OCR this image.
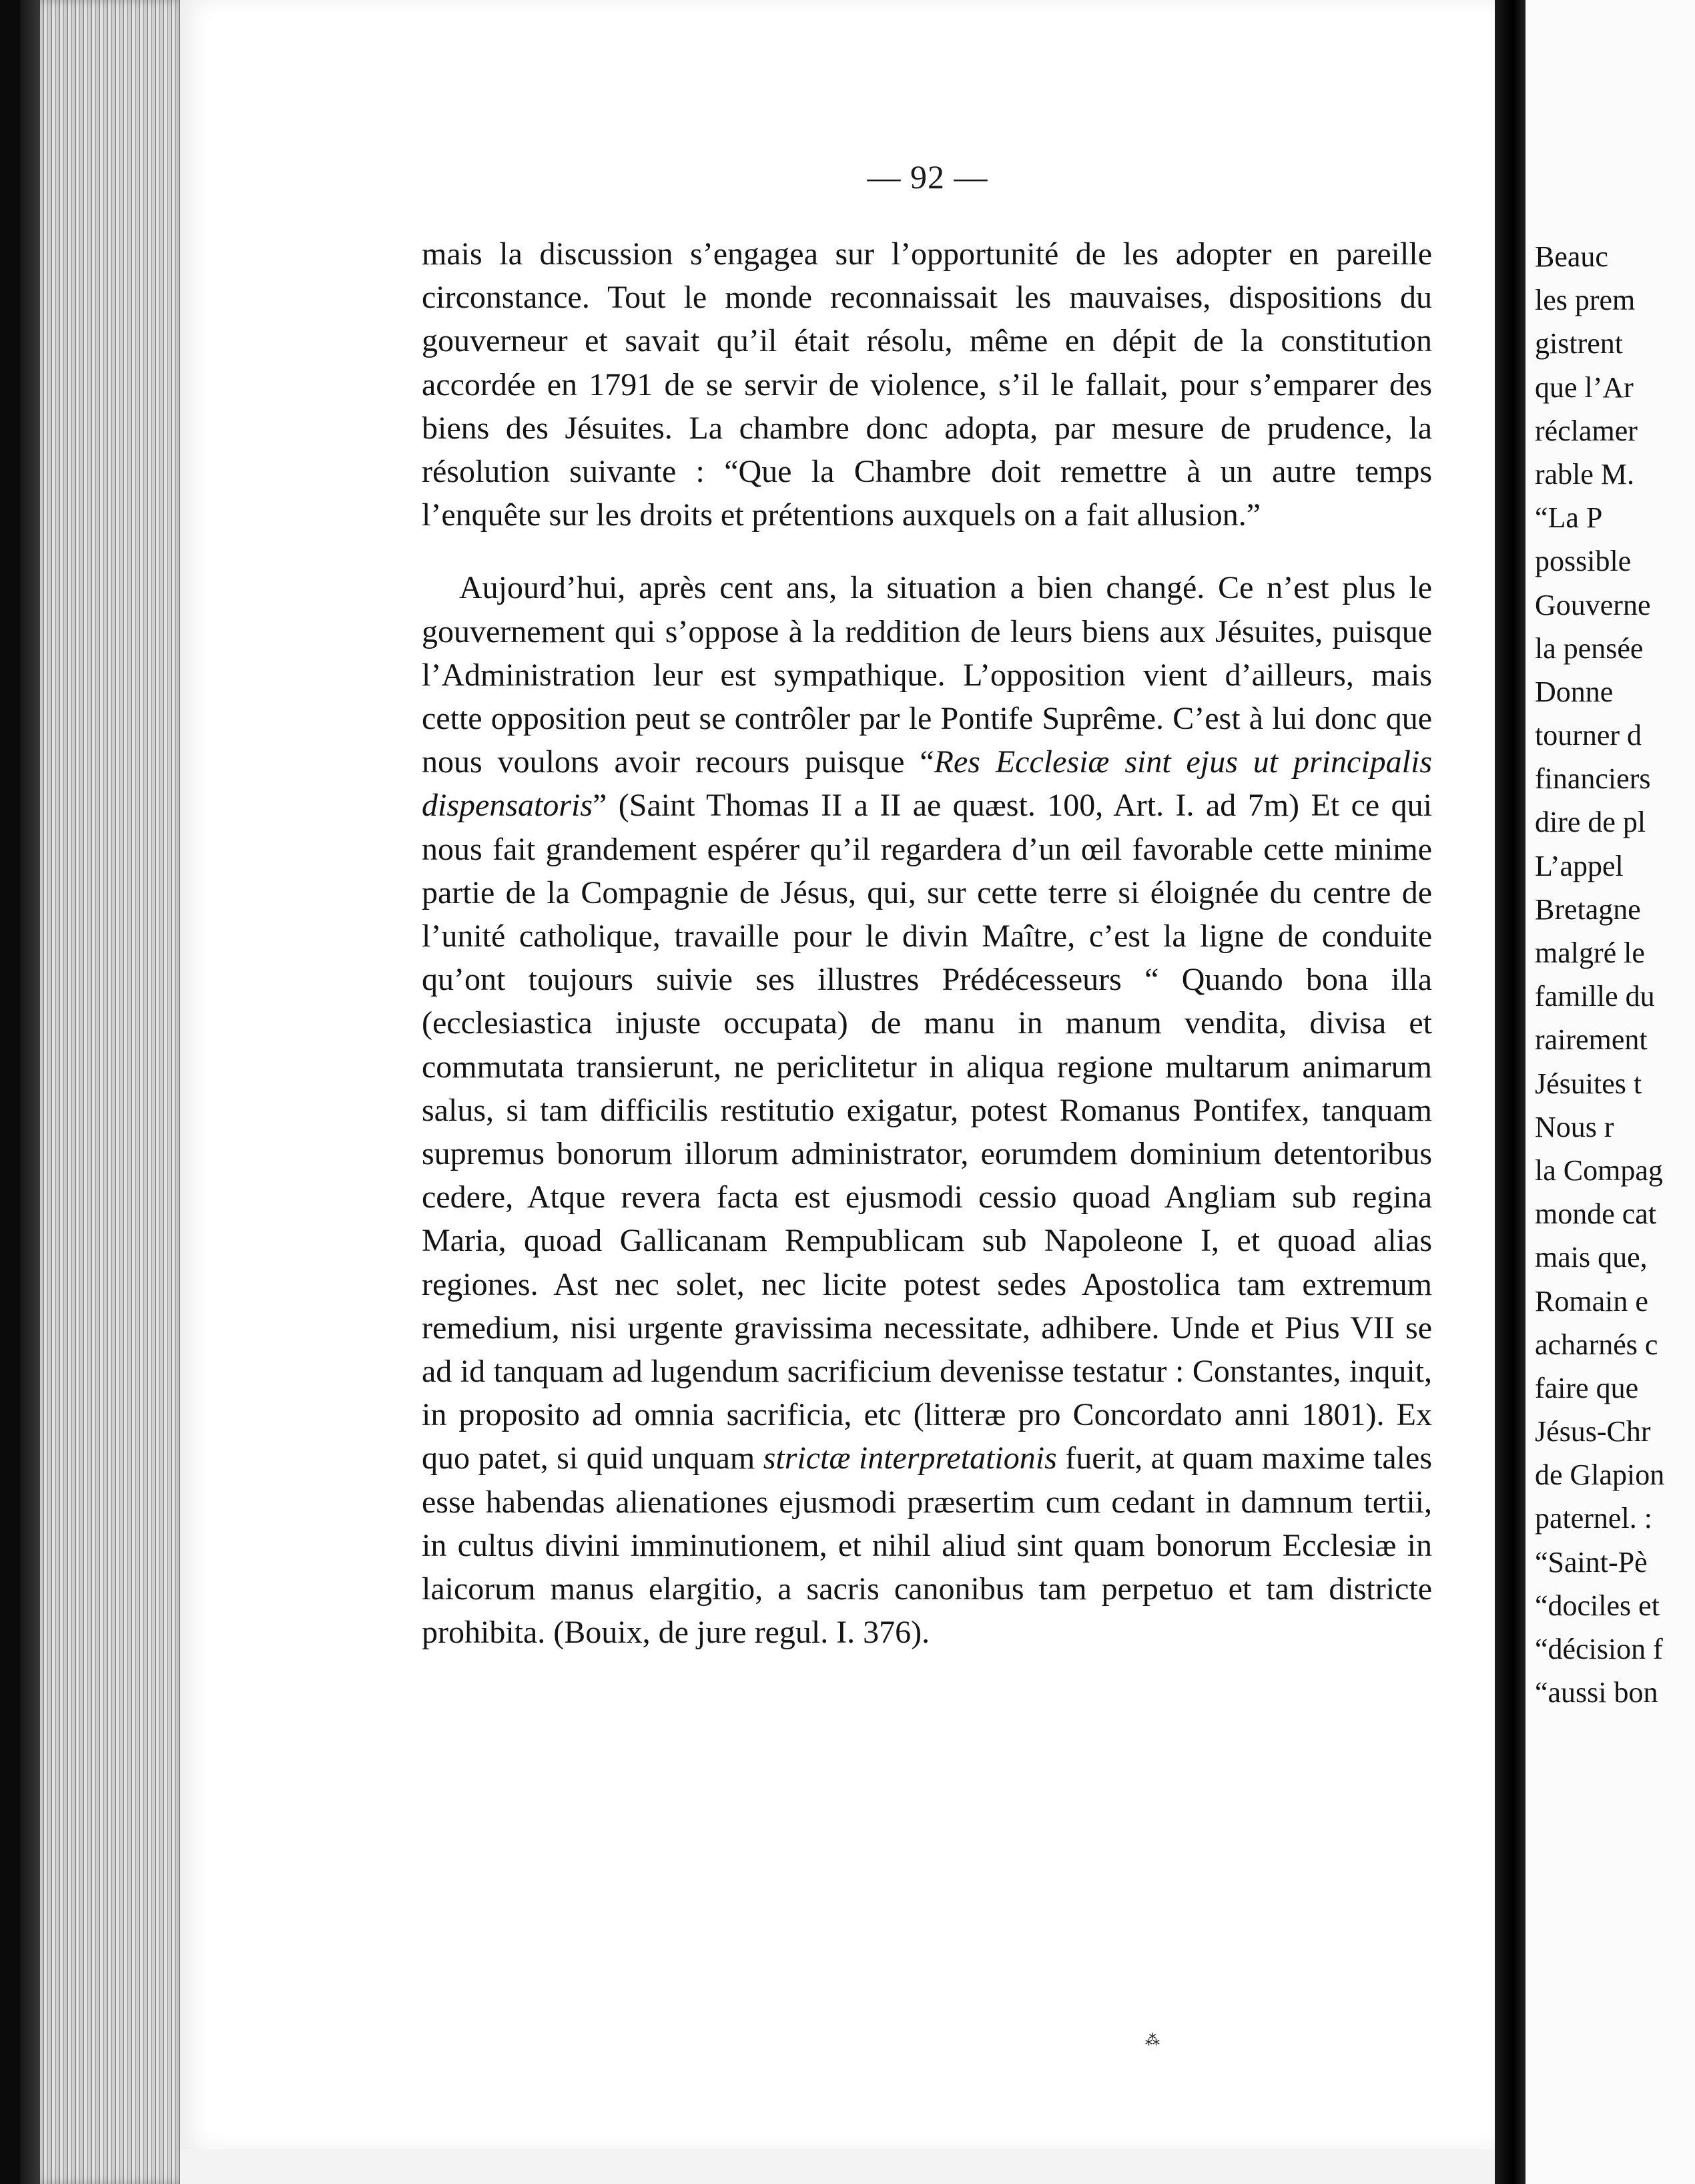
— 92 —

mais la discussion s’engagea sur l’opportunité de les adopter en pareille circonstance. Tout le monde reconnaissait les mauvaises, dispositions du gouverneur et savait qu’il était résolu, même en dépit de la constitution accordée en 1791 de se servir de violence, s’il le fallait, pour s’emparer des biens des Jésuites. La chambre donc adopta, par mesure de prudence, la résolution suivante : “Que la Chambre doit remettre à un autre temps l’enquête sur les droits et prétentions auxquels on a fait allusion.”

Aujourd’hui, après cent ans, la situation a bien changé. Ce n’est plus le gouvernement qui s’oppose à la reddition de leurs biens aux Jésuites, puisque l’Administration leur est sympathique. L’opposition vient d’ailleurs, mais cette opposition peut se contrôler par le Pontife Suprême. C’est à lui donc que nous voulons avoir recours puisque “Res Ecclesiæ sint ejus ut principalis dispensatoris” (Saint Thomas II a II ae quæst. 100, Art. I. ad 7m) Et ce qui nous fait grandement espérer qu’il regardera d’un œil favorable cette minime partie de la Compagnie de Jésus, qui, sur cette terre si éloignée du centre de l’unité catholique, travaille pour le divin Maître, c’est la ligne de conduite qu’ont toujours suivie ses illustres Prédécesseurs “ Quando bona illa (ecclesiastica injuste occupata) de manu in manum vendita, divisa et commutata transierunt, ne periclitetur in aliqua regione multarum animarum salus, si tam difficilis restitutio exigatur, potest Romanus Pontifex, tanquam supremus bonorum illorum administrator, eorumdem dominium detentoribus cedere, Atque revera facta est ejusmodi cessio quoad Angliam sub regina Maria, quoad Gallicanam Rempublicam sub Napoleone I, et quoad alias regiones. Ast nec solet, nec licite potest sedes Apostolica tam extremum remedium, nisi urgente gravissima necessitate, adhibere. Unde et Pius VII se ad id tanquam ad lugendum sacrificium devenisse testatur : Constantes, inquit, in proposito ad omnia sacrificia, etc (litteræ pro Concordato anni 1801). Ex quo patet, si quid unquam strictæ interpretationis fuerit, at quam maxime tales esse habendas alienationes ejusmodi præsertim cum cedant in damnum tertii, in cultus divini imminutionem, et nihil aliud sint quam bonorum Ecclesiæ in laicorum manus elargitio, a sacris canonibus tam perpetuo et tam districte prohibita. (Bouix, de jure regul. I. 376).

⁂
Beauc
les prem
gistrent
que l’Ar
réclamer
rable M.
“La P
possible
Gouverne
la pensée
Donne
tourner d
financiers
dire de pl
L’appel
Bretagne
malgré le
famille du
rairement
Jésuites t
Nous r
la Compag
monde cat
mais que,
Romain e
acharnés c
faire que
Jésus-Chr
de Glapion
paternel. :
“Saint-Pè
“dociles et
“décision f
“aussi bon
